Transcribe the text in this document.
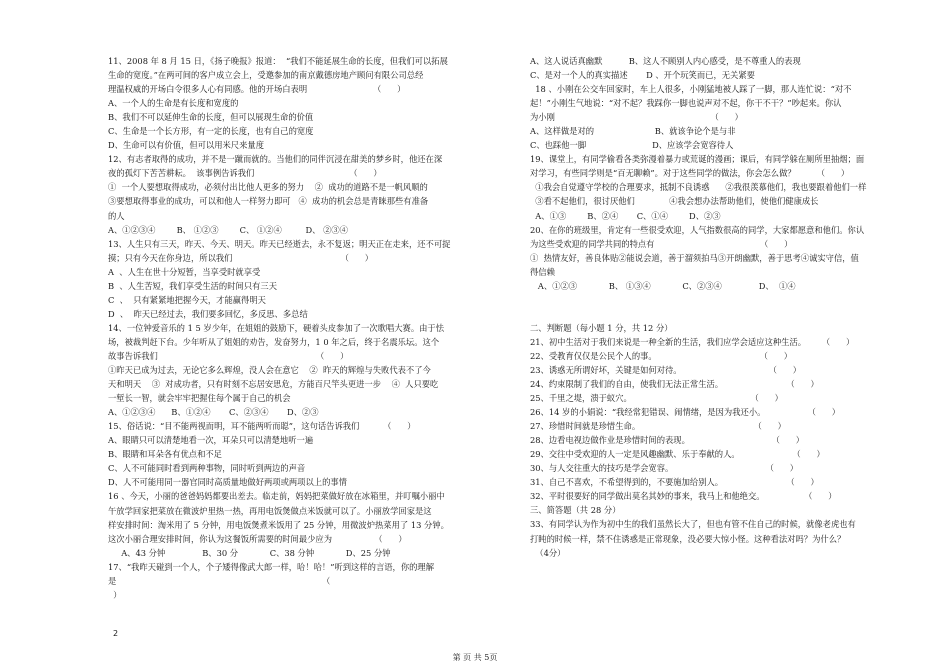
11、2008 年 8 月 15 日，《扬子晚报》报道：  “我们不能延展生命的长度，但我们可以拓展

生命的宽度。”在两可间的客户成立会上，受邀参加的南京戴德房地产顾问有限公司总经

理温权威的开场白令很多人心有同感。他的开场白表明                         （      ）

A、一个人的生命是有长度和宽度的

B、我们不可以延伸生命的长度，但可以展现生命的价值

C、生命是一个长方形，有一定的长度，也有自己的宽度

D、生命可以有价值，但可以用米尺来量度

12、有志者取得的成功，并不是一蹴而就的。当他们的同伴沉浸在甜美的梦乡时，他还在深

夜的孤灯下苦苦耕耘。  该事例告诉我们                                    （      ）

①  一个人要想取得成功，必须付出比他人更多的努力    ②  成功的道路不是一帆风顺的

③要想取得事业的成功，可以和他人一样努力即可   ④  成功的机会总是青睐那些有准备

的人

A、①②③④        B、 ①②③        C、 ①②④         D、 ②③④

13、人生只有三天，昨天、今天、明天。昨天已经逝去，永不复返；明天正在走来，还不可捉

摸；只有今天在你身边，所以我们                                         （      ）

A  、人生在世十分短暂，当享受时就享受

B  、人生苦短，我们享受生活的时间只有三天

C  、  只有紧紧地把握今天，才能赢得明天

D  、  昨天已经过去，我们要多回忆，多反思、多总结

14、一位钟爱音乐的 1 5 岁少年，在姐姐的鼓励下，硬着头皮参加了一次歌唱大赛。由于怯

场，被裁判赶下台。少年听从了姐姐的劝告，发奋努力，1 0 年之后，终于名震乐坛。这个

故事告诉我们                                                            （      ）

①昨天已成为过去，无论它多么辉煌，没人会在意它    ②  昨天的辉煌与失败代表不了今

天和明天    ③  对成功者，只有时刻不忘居安思危，方能百尺竿头更进一步    ④  人只要吃

一堑长一智，就会牢牢把握住每个属于自己的机会

A、①②③④      B、①②④       C、②③④       D、②③

15、俗话说：“目不能两视而明，耳不能两听而聪”，这句话告诉我们         （      ）

A、眼睛只可以清楚地看一次，耳朵只可以清楚地听一遍

B、眼睛和耳朵各有优点和不足

C、人不可能同时看到两种事物，同时听到两边的声音

D、人不可能用同一器官同时高质量地做好两项或两项以上的事情

16 、今天，小丽的爸爸妈妈都要出差去。临走前，妈妈把菜做好放在冰箱里，并叮嘱小丽中

午放学回家把菜放在微波炉里热一热，再用电饭煲做点米饭就可以了。小丽放学回家是这

样安排时间：淘米用了 5 分钟，用电饭煲煮米饭用了 25 分钟，用微波炉热菜用了 13 分钟。

这次小丽合理安排时间，你认为这餐饭所需要的时间最少应为                （      ）

A、43 分钟              B、30 分            C、38 分钟            D、25 分钟

17、“我昨天碰到一个人，个子矮得像武大郎一样，哈！哈！”听到这样的言语，你的理解

是                                                                              （

）

A、这人说话真幽默          B、这人不顾别人内心感受，是不尊重人的表现

C、是对一个人的真实描述       D 、开个玩笑而已，无关紧要

18 、小刚在公交车回家时，车上人很多，小刚猛地被人踩了一脚，那人连忙说：“对不

起！”小刚生气地说：“对不起？我踩你一脚也说声对不起，你干不干？”吵起来。你认

为小刚                                                           （      ）

A、这样做是对的                       B、就该争论个是与非

C、也踩他一脚                         D、应该学会宽容待人

19、课堂上，有同学偷看各类弥漫着暴力或荒诞的漫画；课后，有同学躲在厕所里抽烟；面

对学习，有些同学则是“百无聊赖”。对于这些同学的做法，你会怎么做？        （      ）

①我会自觉遵守学校的合理要求，抵制不良诱惑      ②我很羡慕他们，我也要跟着他们一样

③看不起他们，很讨厌他们             ④我会想办法帮助他们，使他们健康成长

A、①③        B、②④       C、①④        D、②③

20、在你的班级里，肯定有一些很受欢迎，人气指数很高的同学，大家都愿意和他们。你认

为这些受欢迎的同学共同的特点有                                        （      ）

①  热情友好，善良体贴②能说会道，善于溜须拍马③开朗幽默，善于思考④诚实守信，值

得信赖

A、①②③            B、 ①③④            C、②③④              D、  ①④

二、判断题（每小题 1 分，共 12 分）

21、初中生活对于我们来说是一种全新的生活，我们应学会适应这种生活。      （      ）

22、受教育仅仅是公民个人的事。                                       （      ）

23、诱惑无所谓好坏，关键是如何对待。                                 （      ）

24、约束限制了我们的自由，使我们无法正常生活。                        （      ）

25、千里之堤，溃于蚁穴。                                             （      ）

26、14 岁的小娟说：“我经常犯错误、闹情绪，是因为我还小。                （      ）

27、珍惜时间就是珍惜生命。                                           （      ）

28、边看电视边做作业是珍惜时间的表现。                               （      ）

29、交往中受欢迎的人一定是风趣幽默、乐于奉献的人。                    （      ）

30、与人交往重大的技巧是学会宽容。                                   （      ）

31、自己不喜欢，不希望得到的，不要施加给别人。                        （      ）

32、平时很要好的同学做出莫名其妙的事来，我马上和他绝交。               （      ）

三、简答题（共 28 分）

33、有同学认为作为初中生的我们虽然长大了，但也有管不住自己的时候，就像老虎也有

打盹的时候一样，禁不住诱惑是正常现象，没必要大惊小怪。这种看法对吗？为什么？

（4分）

2
第 页 共 5页
